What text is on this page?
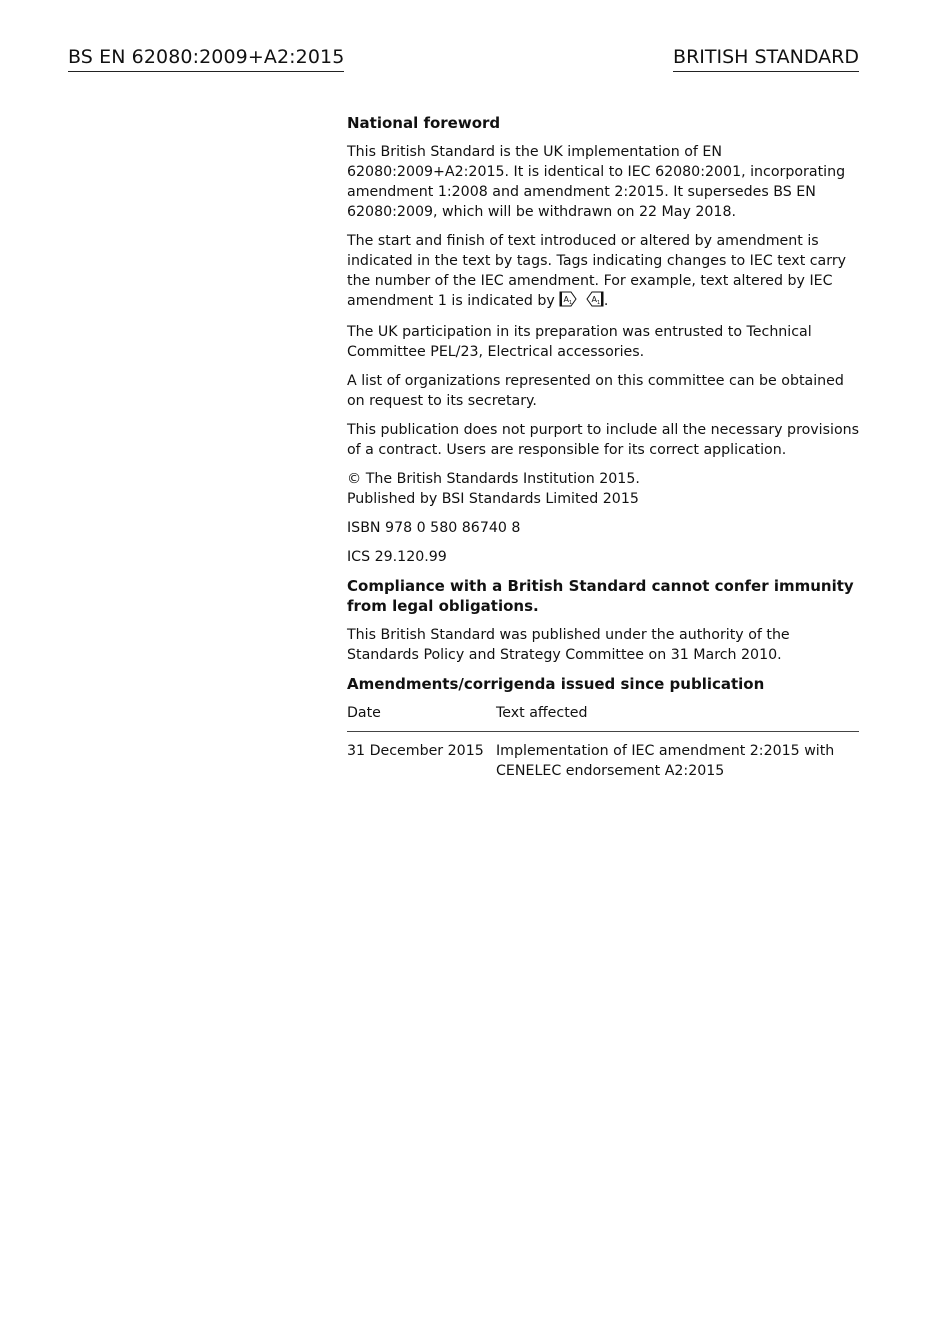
BS EN 62080:2009+A2:2015	BRITISH STANDARD
National foreword

This British Standard is the UK implementation of EN 62080:2009+A2:2015. It is identical to IEC 62080:2001, incorporating amendment 1:2008 and amendment 2:2015. It supersedes BS EN 62080:2009, which will be withdrawn on 22 May 2018.

The start and finish of text introduced or altered by amendment is indicated in the text by tags. Tags indicating changes to IEC text carry the number of the IEC amendment. For example, text altered by IEC amendment 1 is indicated by A 1
A 1 .

The UK participation in its preparation was entrusted to Technical Committee PEL/23, Electrical accessories.

A list of organizations represented on this committee can be obtained on request to its secretary.

This publication does not purport to include all the necessary provisions of a contract. Users are responsible for its correct application.

© The British Standards Institution 2015.
Published by BSI Standards Limited 2015

ISBN 978 0 580 86740 8

ICS 29.120.99

Compliance with a British Standard cannot confer immunity from legal obligations.

This British Standard was published under the authority of the Standards Policy and Strategy Committee on 31 March 2010.

Amendments/corrigenda issued since publication
Date	Text affected
31 December 2015	Implementation of IEC amendment 2:2015 with CENELEC endorsement A2:2015
